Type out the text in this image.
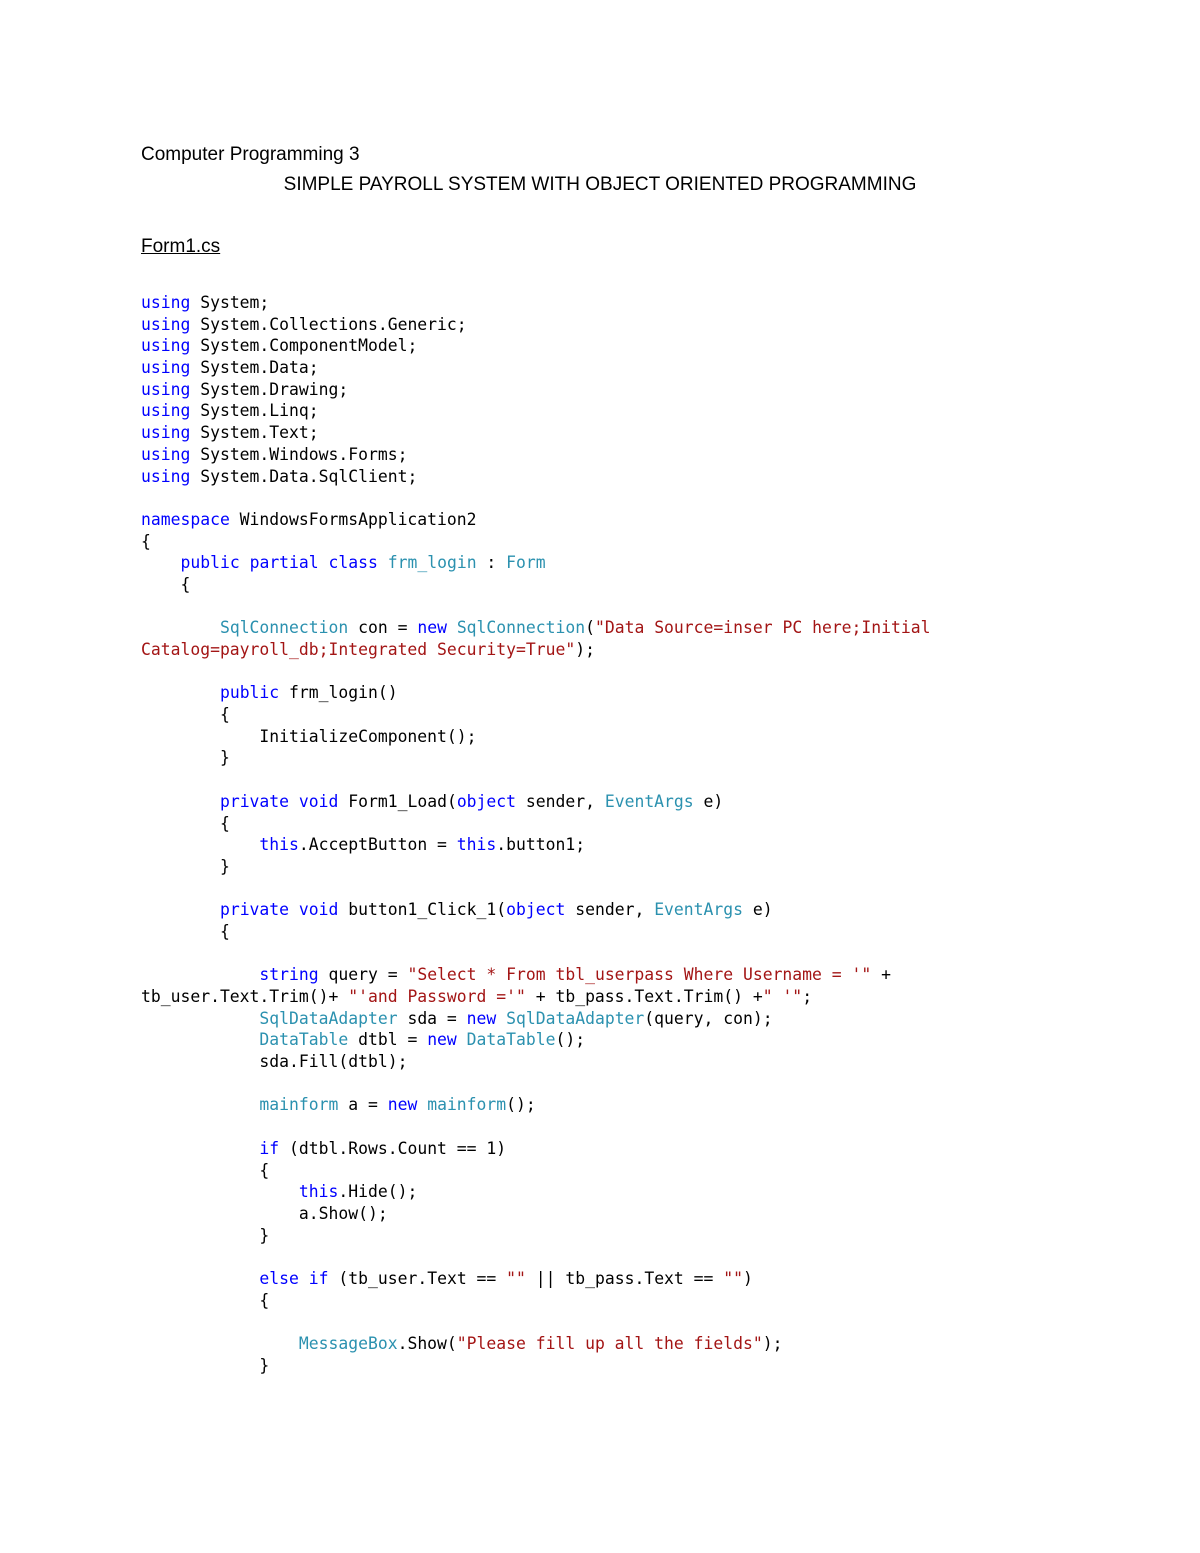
Computer Programming 3
SIMPLE PAYROLL SYSTEM WITH OBJECT ORIENTED PROGRAMMING
Form1.cs
using System;
using System.Collections.Generic;
using System.ComponentModel;
using System.Data;
using System.Drawing;
using System.Linq;
using System.Text;
using System.Windows.Forms;
using System.Data.SqlClient;

namespace WindowsFormsApplication2
{
public partial class frm_login : Form
{

SqlConnection con = new SqlConnection("Data Source=inser PC here;Initial
Catalog=payroll_db;Integrated Security=True");

public frm_login()
{
InitializeComponent();
}

private void Form1_Load(object sender, EventArgs e)
{
this.AcceptButton = this.button1;
}

private void button1_Click_1(object sender, EventArgs e)
{

string query = "Select * From tbl_userpass Where Username = '" +
tb_user.Text.Trim()+ "'and Password ='" + tb_pass.Text.Trim() +" '";
SqlDataAdapter sda = new SqlDataAdapter(query, con);
DataTable dtbl = new DataTable();
sda.Fill(dtbl);

mainform a = new mainform();

if (dtbl.Rows.Count == 1)
{
this.Hide();
a.Show();
}

else if (tb_user.Text == "" || tb_pass.Text == "")
{

MessageBox.Show("Please fill up all the fields");
}
